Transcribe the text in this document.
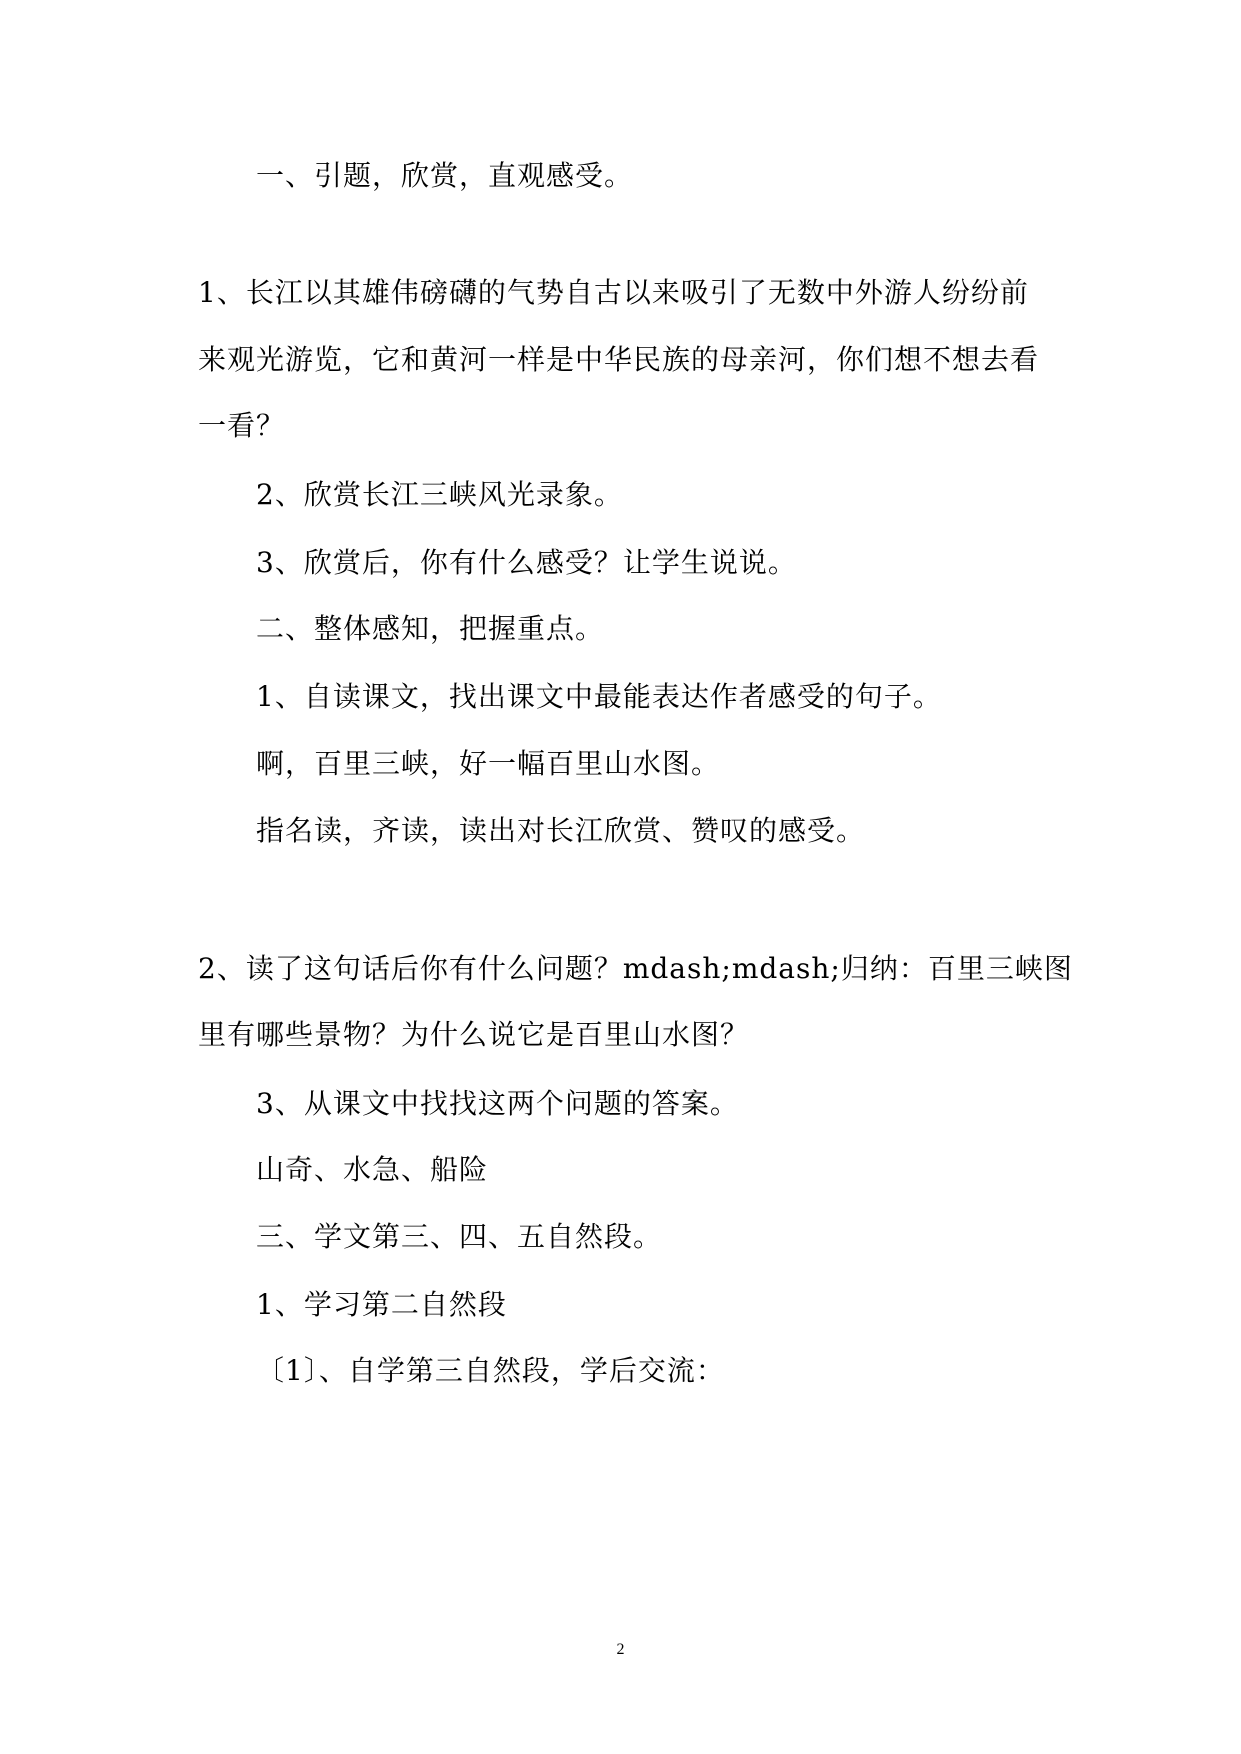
一、引题，欣赏，直观感受。
1、长江以其雄伟磅礴的气势自古以来吸引了无数中外游人纷纷前
来观光游览，它和黄河一样是中华民族的母亲河，你们想不想去看
一看？
2、欣赏长江三峡风光录象。
3、欣赏后，你有什么感受？让学生说说。
二、整体感知，把握重点。
1、自读课文，找出课文中最能表达作者感受的句子。
啊，百里三峡，好一幅百里山水图。
指名读，齐读，读出对长江欣赏、赞叹的感受。
2、读了这句话后你有什么问题？mdash;mdash;归纳：百里三峡图
里有哪些景物？为什么说它是百里山水图？
3、从课文中找找这两个问题的答案。
山奇、水急、船险
三、学文第三、四、五自然段。
1、学习第二自然段
〔1〕、自学第三自然段，学后交流：
2
